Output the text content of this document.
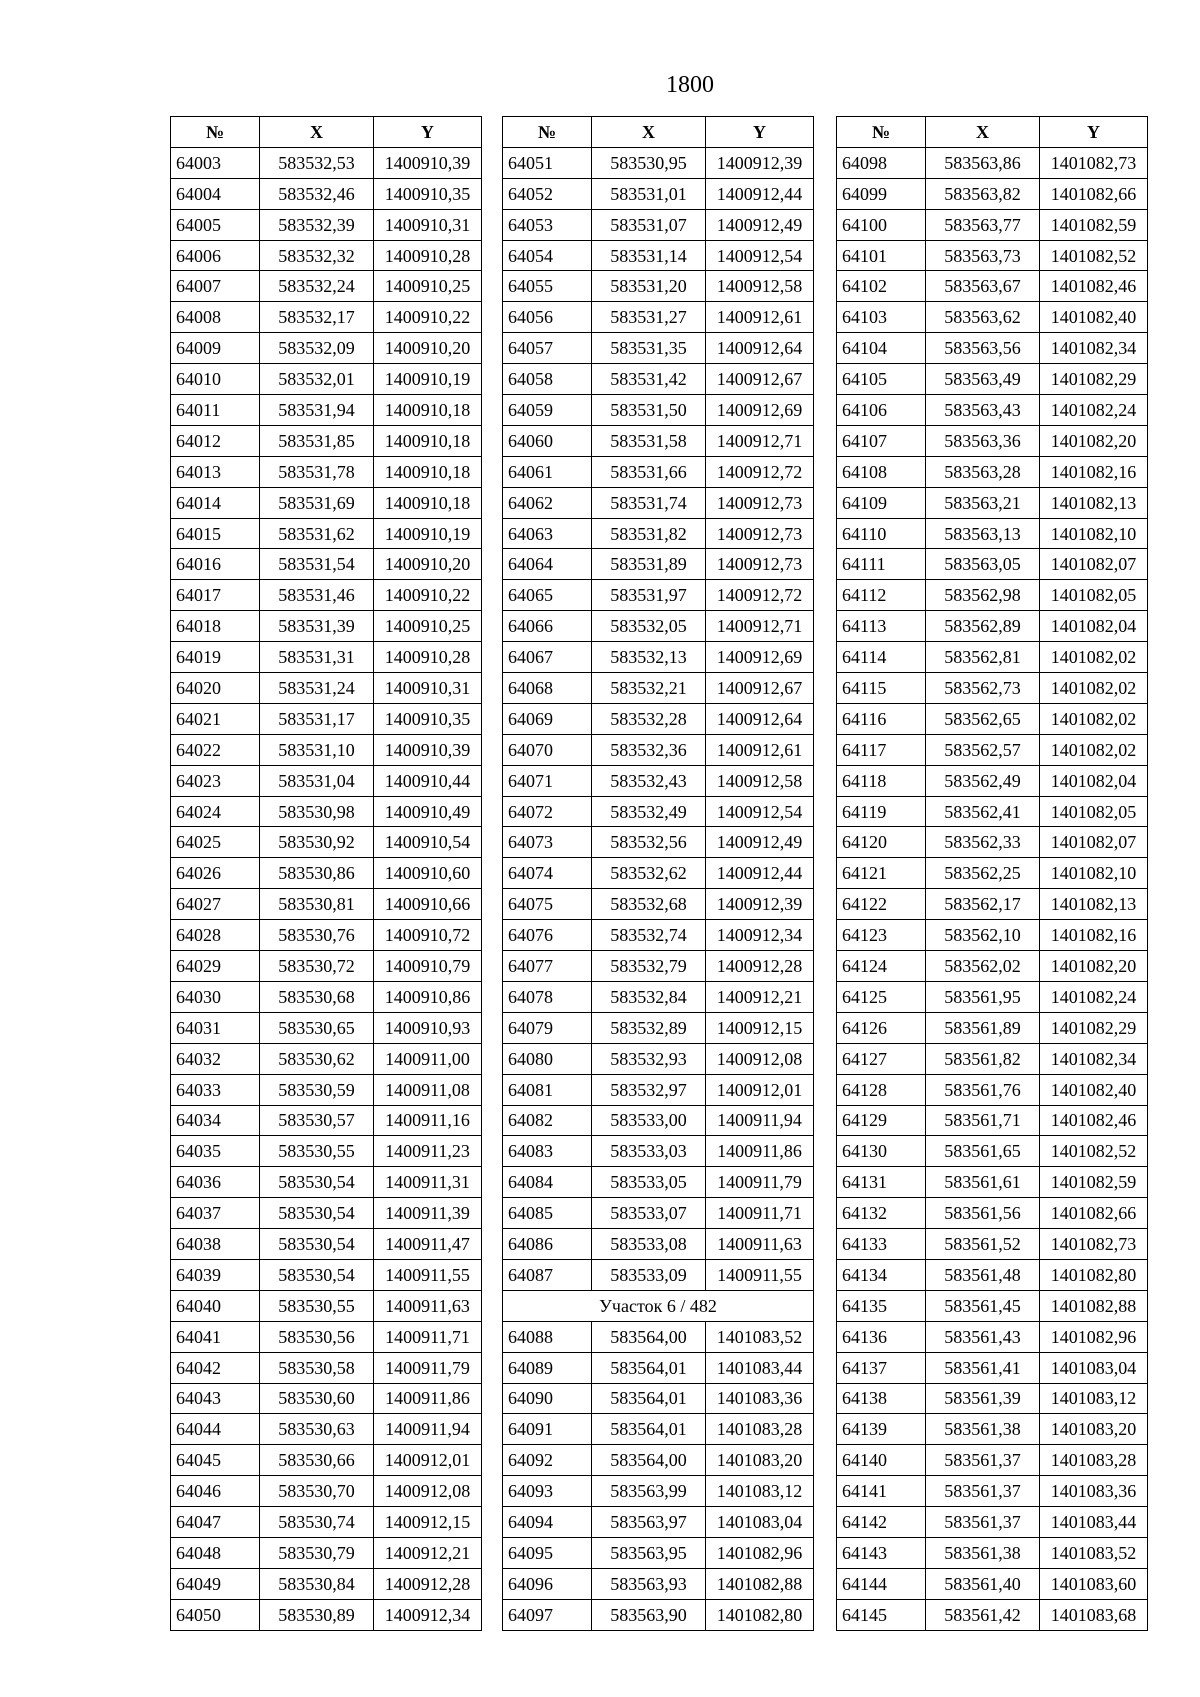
1800
№	X	Y
64003	583532,53	1400910,39
64004	583532,46	1400910,35
64005	583532,39	1400910,31
64006	583532,32	1400910,28
64007	583532,24	1400910,25
64008	583532,17	1400910,22
64009	583532,09	1400910,20
64010	583532,01	1400910,19
64011	583531,94	1400910,18
64012	583531,85	1400910,18
64013	583531,78	1400910,18
64014	583531,69	1400910,18
64015	583531,62	1400910,19
64016	583531,54	1400910,20
64017	583531,46	1400910,22
64018	583531,39	1400910,25
64019	583531,31	1400910,28
64020	583531,24	1400910,31
64021	583531,17	1400910,35
64022	583531,10	1400910,39
64023	583531,04	1400910,44
64024	583530,98	1400910,49
64025	583530,92	1400910,54
64026	583530,86	1400910,60
64027	583530,81	1400910,66
64028	583530,76	1400910,72
64029	583530,72	1400910,79
64030	583530,68	1400910,86
64031	583530,65	1400910,93
64032	583530,62	1400911,00
64033	583530,59	1400911,08
64034	583530,57	1400911,16
64035	583530,55	1400911,23
64036	583530,54	1400911,31
64037	583530,54	1400911,39
64038	583530,54	1400911,47
64039	583530,54	1400911,55
64040	583530,55	1400911,63
64041	583530,56	1400911,71
64042	583530,58	1400911,79
64043	583530,60	1400911,86
64044	583530,63	1400911,94
64045	583530,66	1400912,01
64046	583530,70	1400912,08
64047	583530,74	1400912,15
64048	583530,79	1400912,21
64049	583530,84	1400912,28
64050	583530,89	1400912,34
№	X	Y
64051	583530,95	1400912,39
64052	583531,01	1400912,44
64053	583531,07	1400912,49
64054	583531,14	1400912,54
64055	583531,20	1400912,58
64056	583531,27	1400912,61
64057	583531,35	1400912,64
64058	583531,42	1400912,67
64059	583531,50	1400912,69
64060	583531,58	1400912,71
64061	583531,66	1400912,72
64062	583531,74	1400912,73
64063	583531,82	1400912,73
64064	583531,89	1400912,73
64065	583531,97	1400912,72
64066	583532,05	1400912,71
64067	583532,13	1400912,69
64068	583532,21	1400912,67
64069	583532,28	1400912,64
64070	583532,36	1400912,61
64071	583532,43	1400912,58
64072	583532,49	1400912,54
64073	583532,56	1400912,49
64074	583532,62	1400912,44
64075	583532,68	1400912,39
64076	583532,74	1400912,34
64077	583532,79	1400912,28
64078	583532,84	1400912,21
64079	583532,89	1400912,15
64080	583532,93	1400912,08
64081	583532,97	1400912,01
64082	583533,00	1400911,94
64083	583533,03	1400911,86
64084	583533,05	1400911,79
64085	583533,07	1400911,71
64086	583533,08	1400911,63
64087	583533,09	1400911,55
Участок 6 / 482		
64088	583564,00	1401083,52
64089	583564,01	1401083,44
64090	583564,01	1401083,36
64091	583564,01	1401083,28
64092	583564,00	1401083,20
64093	583563,99	1401083,12
64094	583563,97	1401083,04
64095	583563,95	1401082,96
64096	583563,93	1401082,88
64097	583563,90	1401082,80
№	X	Y
64098	583563,86	1401082,73
64099	583563,82	1401082,66
64100	583563,77	1401082,59
64101	583563,73	1401082,52
64102	583563,67	1401082,46
64103	583563,62	1401082,40
64104	583563,56	1401082,34
64105	583563,49	1401082,29
64106	583563,43	1401082,24
64107	583563,36	1401082,20
64108	583563,28	1401082,16
64109	583563,21	1401082,13
64110	583563,13	1401082,10
64111	583563,05	1401082,07
64112	583562,98	1401082,05
64113	583562,89	1401082,04
64114	583562,81	1401082,02
64115	583562,73	1401082,02
64116	583562,65	1401082,02
64117	583562,57	1401082,02
64118	583562,49	1401082,04
64119	583562,41	1401082,05
64120	583562,33	1401082,07
64121	583562,25	1401082,10
64122	583562,17	1401082,13
64123	583562,10	1401082,16
64124	583562,02	1401082,20
64125	583561,95	1401082,24
64126	583561,89	1401082,29
64127	583561,82	1401082,34
64128	583561,76	1401082,40
64129	583561,71	1401082,46
64130	583561,65	1401082,52
64131	583561,61	1401082,59
64132	583561,56	1401082,66
64133	583561,52	1401082,73
64134	583561,48	1401082,80
64135	583561,45	1401082,88
64136	583561,43	1401082,96
64137	583561,41	1401083,04
64138	583561,39	1401083,12
64139	583561,38	1401083,20
64140	583561,37	1401083,28
64141	583561,37	1401083,36
64142	583561,37	1401083,44
64143	583561,38	1401083,52
64144	583561,40	1401083,60
64145	583561,42	1401083,68
